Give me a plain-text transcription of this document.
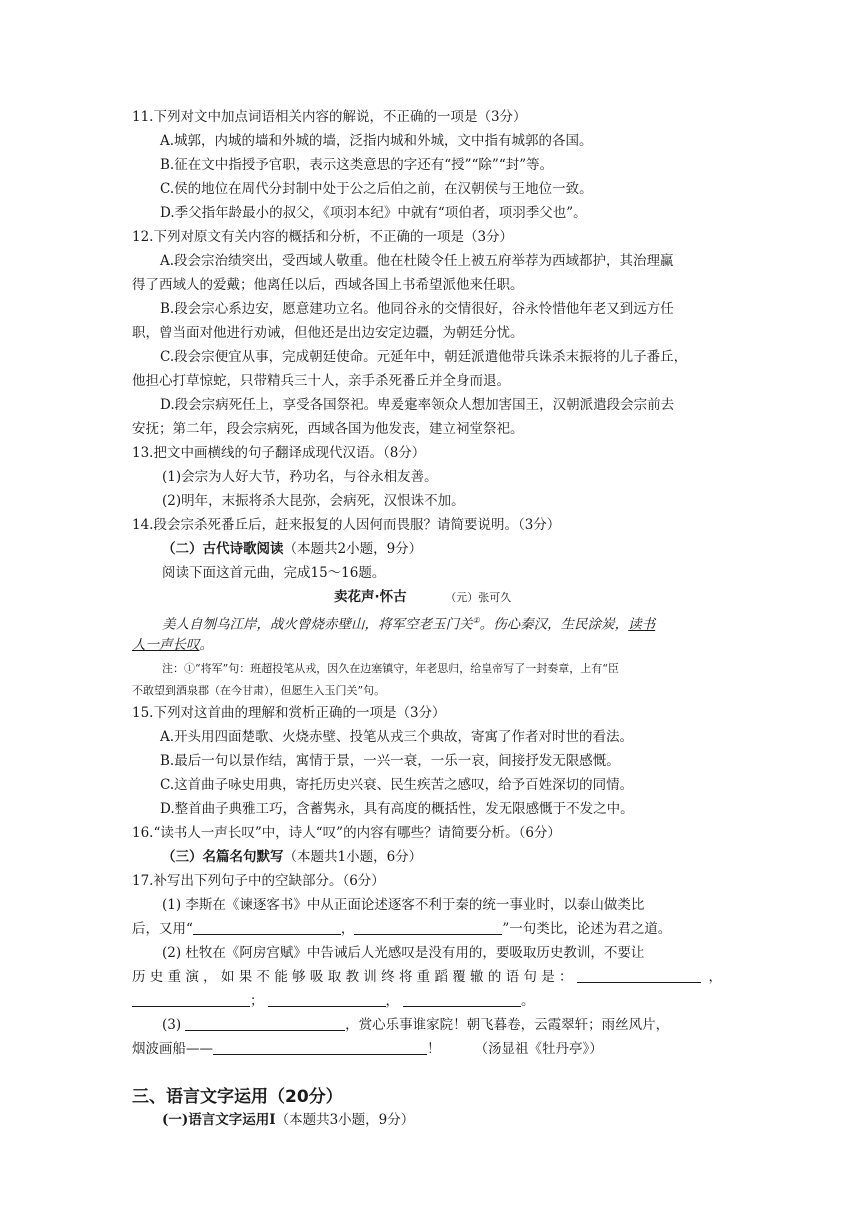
11.下列对文中加点词语相关内容的解说，不正确的一项是（3分）
A.城郭，内城的墙和外城的墙，泛指内城和外城，文中指有城郭的各国。
B.征在文中指授予官职，表示这类意思的字还有“授”“除”“封”等。
C.侯的地位在周代分封制中处于公之后伯之前，在汉朝侯与王地位一致。
D.季父指年龄最小的叔父，《项羽本纪》中就有“项伯者，项羽季父也”。
12.下列对原文有关内容的概括和分析，不正确的一项是（3分）
A.段会宗治绩突出，受西域人敬重。他在杜陵令任上被五府举荐为西域都护，其治理赢
得了西域人的爱戴；他离任以后，西域各国上书希望派他来任职。
B.段会宗心系边安，愿意建功立名。他同谷永的交情很好，谷永怜惜他年老又到远方任
职，曾当面对他进行劝诫，但他还是出边安定边疆，为朝廷分忧。
C.段会宗便宜从事，完成朝廷使命。元延年中，朝廷派遣他带兵诛杀末振将的儿子番丘，
他担心打草惊蛇，只带精兵三十人，亲手杀死番丘并全身而退。
D.段会宗病死任上，享受各国祭祀。卑爰疐率领众人想加害国王，汉朝派遣段会宗前去
安抚；第二年，段会宗病死，西域各国为他发丧，建立祠堂祭祀。
13.把文中画横线的句子翻译成现代汉语。（8分）
(1)会宗为人好大节，矜功名，与谷永相友善。
(2)明年，末振将杀大昆弥，会病死，汉恨诛不加。
14.段会宗杀死番丘后，赶来报复的人因何而畏服？请简要说明。（3分）
（二）古代诗歌阅读（本题共2小题，9分）
阅读下面这首元曲，完成15～16题。
卖花声·怀古	（元）张可久
美人自刎乌江岸，战火曾烧赤壁山，将军空老玉门关①。伤心秦汉，生民涂炭，读书
人一声长叹。
注：①“将军”句：班超投笔从戎，因久在边塞镇守，年老思归，给皇帝写了一封奏章，上有“臣
不敢望到酒泉郡（在今甘肃），但愿生入玉门关”句。
15.下列对这首曲的理解和赏析正确的一项是（3分）
A.开头用四面楚歌、火烧赤壁、投笔从戎三个典故，寄寓了作者对时世的看法。
B.最后一句以景作结，寓情于景，一兴一衰，一乐一哀，间接抒发无限感慨。
C.这首曲子咏史用典，寄托历史兴衰、民生疾苦之感叹，给予百姓深切的同情。
D.整首曲子典雅工巧，含蓄隽永，具有高度的概括性，发无限感慨于不发之中。
16.“读书人一声长叹”中，诗人“叹”的内容有哪些？请简要分析。（6分）
（三）名篇名句默写（本题共1小题，6分）
17.补写出下列句子中的空缺部分。（6分）
(1) 李斯在《谏逐客书》中从正面论述逐客不利于秦的统一事业时，以泰山做类比
后，又用“	，	”一句类比，论述为君之道。
(2) 杜牧在《阿房宫赋》中告诫后人光感叹是没有用的，要吸取历史教训，不要让
历 史 重 演 ， 如 果 不 能 够 吸 取 教 训 终 将 重 蹈 覆 辙 的 语 句 是 ：	，
；	，	。
(3)	，赏心乐事谁家院！朝飞暮卷，云霞翠轩；雨丝风片，
烟波画船——	！	（汤显祖《牡丹亭》）
三、语言文字运用（20分）
(一)语言文字运用Ⅰ（本题共3小题，9分）
